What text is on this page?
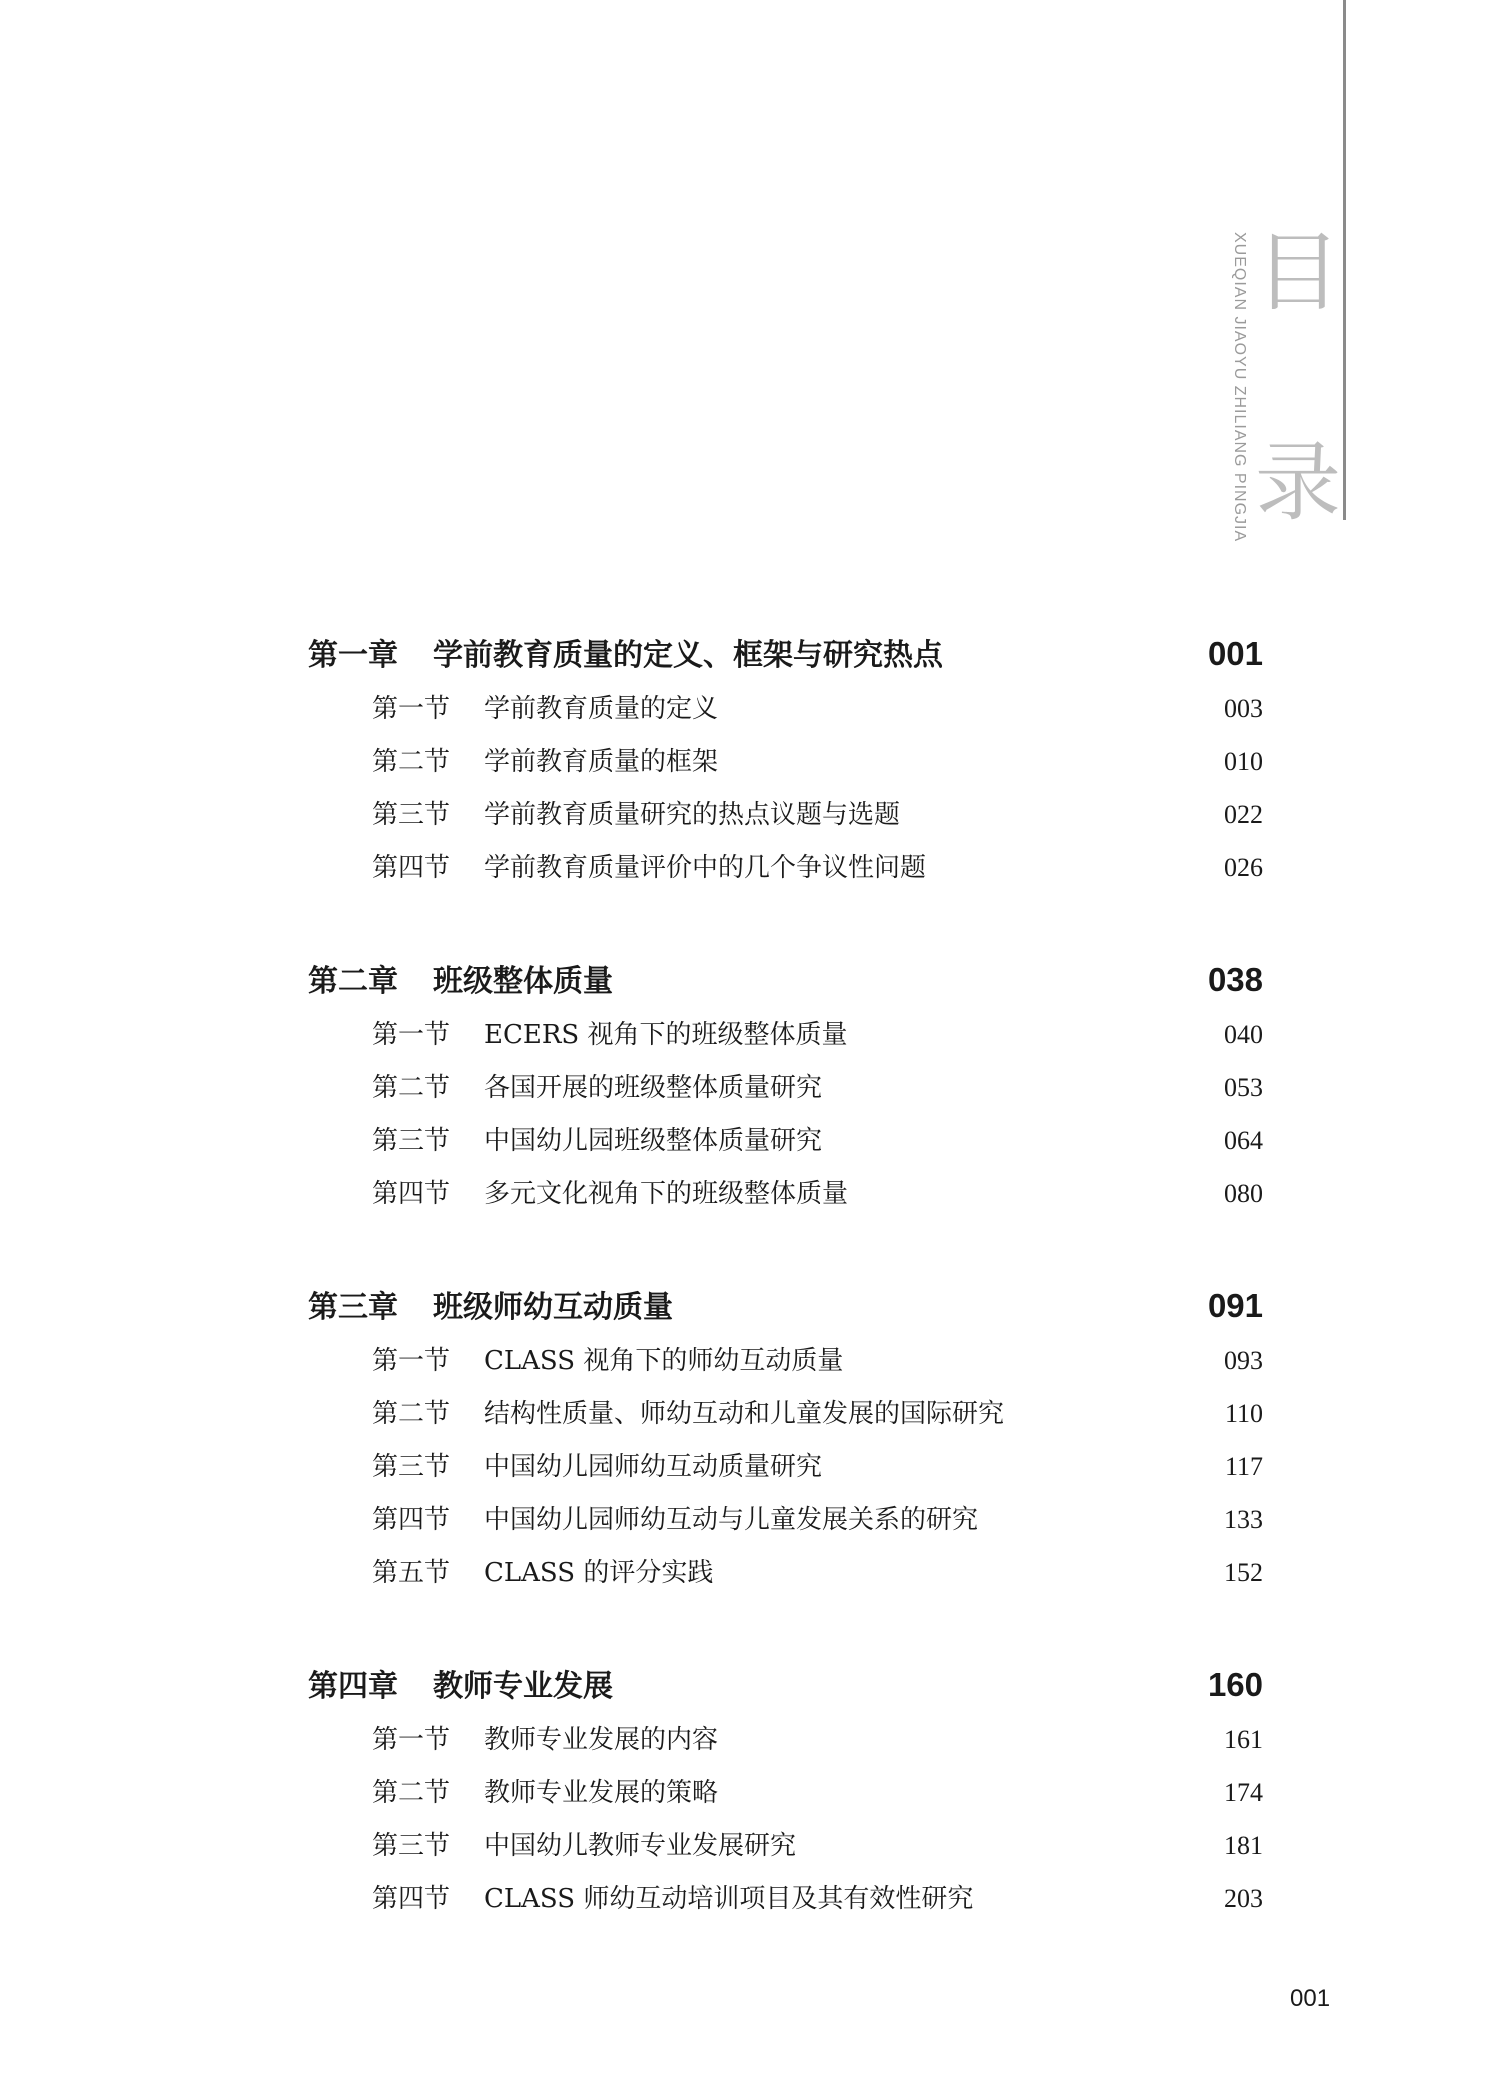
目
录
XUEQIAN JIAOYU ZHILIANG PINGJIA
第一章	学前教育质量的定义、框架与研究热点	001
第一节	学前教育质量的定义	003
第二节	学前教育质量的框架	010
第三节	学前教育质量研究的热点议题与选题	022
第四节	学前教育质量评价中的几个争议性问题	026
第二章	班级整体质量	038
第一节	ECERS 视角下的班级整体质量	040
第二节	各国开展的班级整体质量研究	053
第三节	中国幼儿园班级整体质量研究	064
第四节	多元文化视角下的班级整体质量	080
第三章	班级师幼互动质量	091
第一节	CLASS 视角下的师幼互动质量	093
第二节	结构性质量、师幼互动和儿童发展的国际研究	110
第三节	中国幼儿园师幼互动质量研究	117
第四节	中国幼儿园师幼互动与儿童发展关系的研究	133
第五节	CLASS 的评分实践	152
第四章	教师专业发展	160
第一节	教师专业发展的内容	161
第二节	教师专业发展的策略	174
第三节	中国幼儿教师专业发展研究	181
第四节	CLASS 师幼互动培训项目及其有效性研究	203
001
